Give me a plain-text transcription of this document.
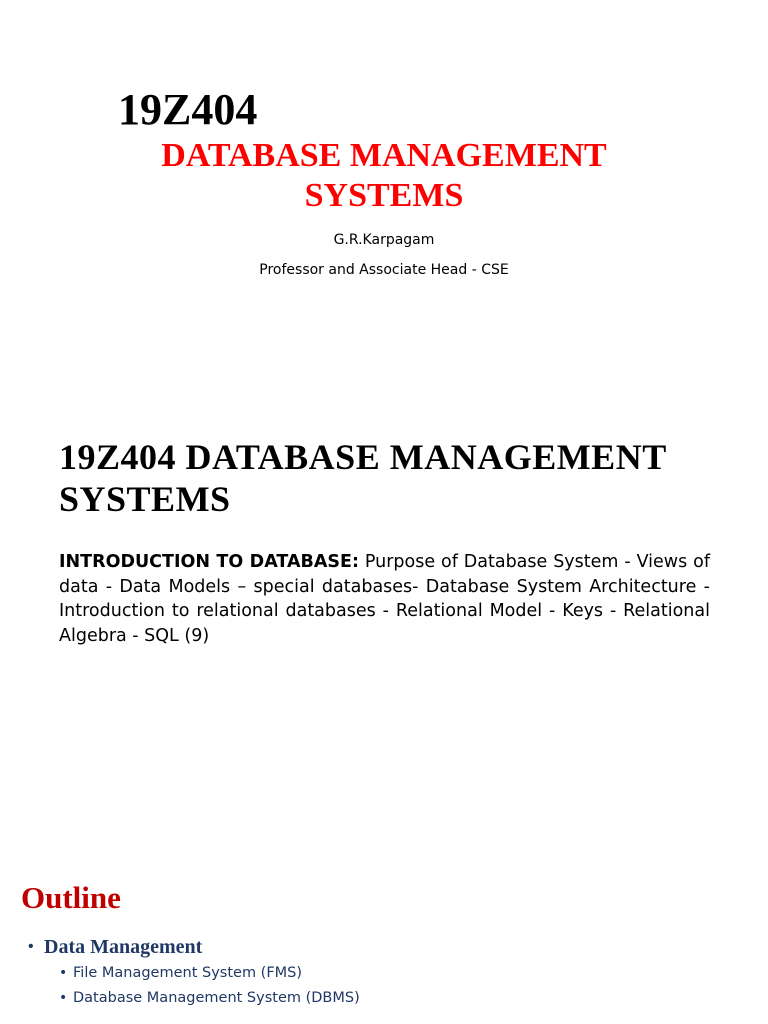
19Z404
DATABASE MANAGEMENT
SYSTEMS
G.R.Karpagam
Professor and Associate Head - CSE
19Z404 DATABASE MANAGEMENT
SYSTEMS

INTRODUCTION TO DATABASE: Purpose of Database System - Views of data - Data Models – special databases- Database System Architecture - Introduction to relational databases - Relational Model - Keys - Relational Algebra - SQL (9)

Outline
• Data Management
• File Management System (FMS)
• Database Management System (DBMS)
